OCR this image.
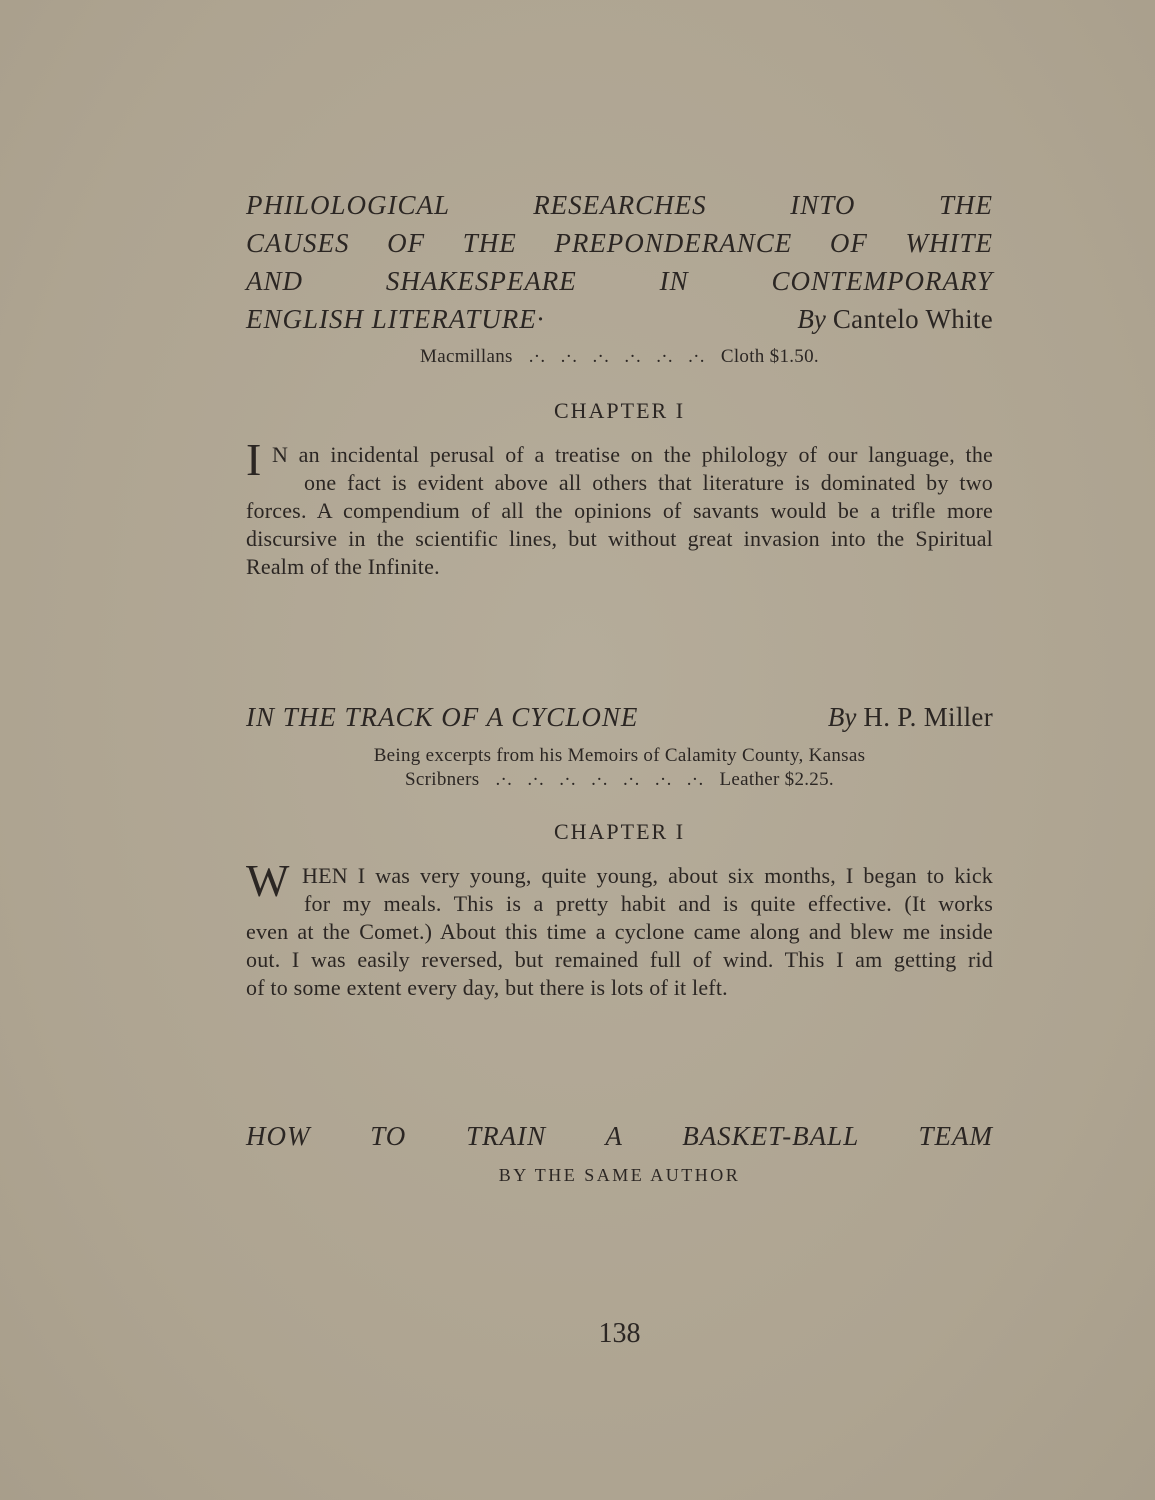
PHILOLOGICAL RESEARCHES INTO THE
CAUSES OF THE PREPONDERANCE OF WHITE
AND SHAKESPEARE IN CONTEMPORARY
ENGLISH LITERATURE·	By Cantelo White
Macmillans .·.   .·.   .·.   .·.   .·.   .·. Cloth $1.50.
CHAPTER I
I N an incidental perusal of a treatise on the philology of our language, the
one fact is evident above all others that literature is dominated by two
forces. A compendium of all the opinions of savants would be a trifle more
discursive in the scientific lines, but without great invasion into the Spiritual
Realm of the Infinite.
IN THE TRACK OF A CYCLONE	By H. P. Miller
Being excerpts from his Memoirs of Calamity County, Kansas
Scribners .·.   .·.   .·.   .·.   .·.   .·.   .·. Leather $2.25.
CHAPTER I
W HEN I was very young, quite young, about six months, I began to kick
for my meals. This is a pretty habit and is quite effective. (It works
even at the Comet.) About this time a cyclone came along and blew me inside
out. I was easily reversed, but remained full of wind. This I am getting rid
of to some extent every day, but there is lots of it left.
HOW TO TRAIN A BASKET-BALL TEAM
BY THE SAME AUTHOR
138
